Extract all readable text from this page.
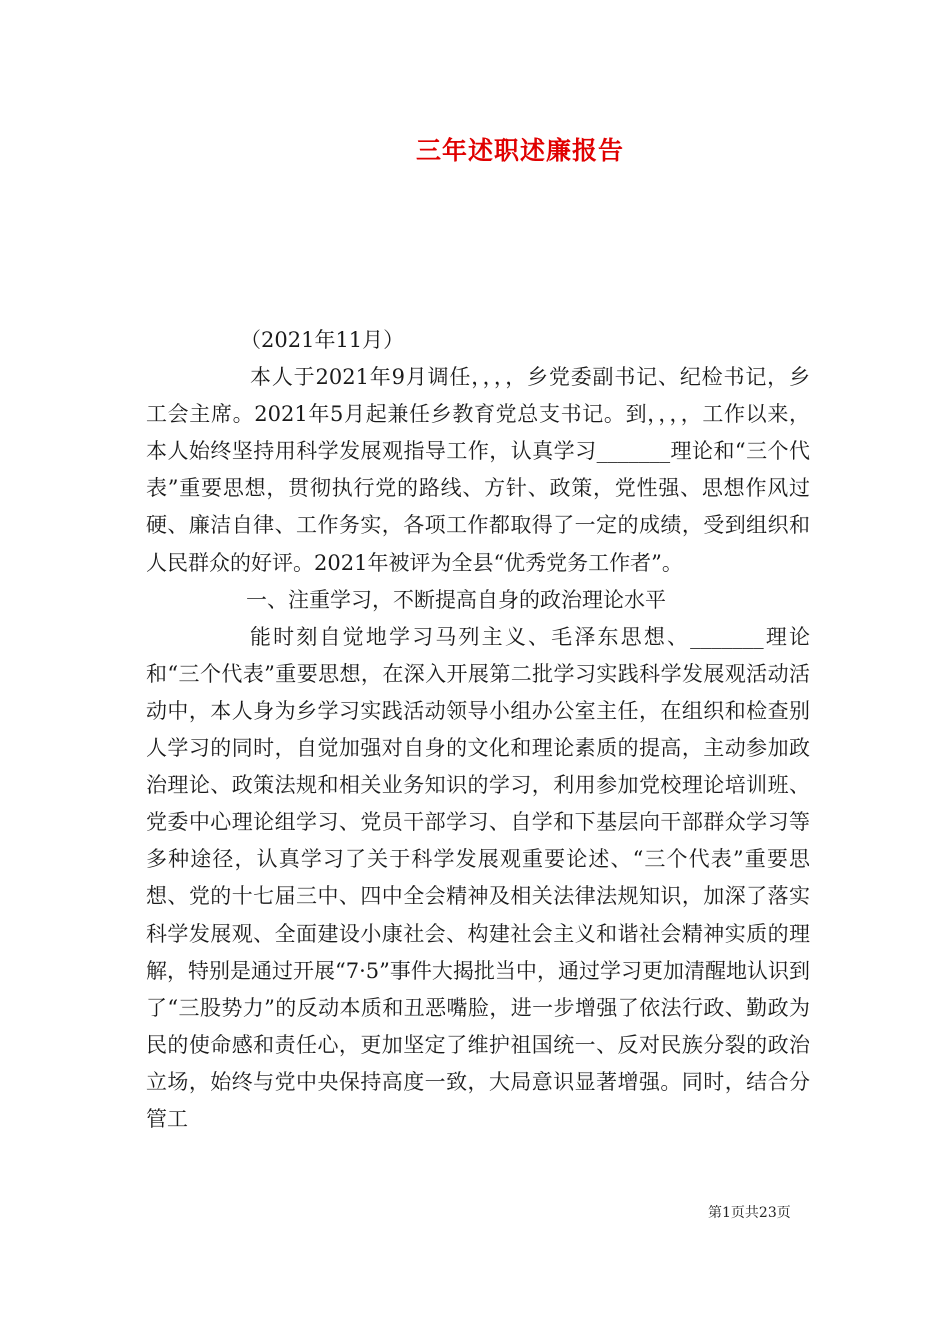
三年述职述廉报告

（2021年11月）

本人于2021年9月调任，，，，乡党委副书记、纪检书记，乡工会主席。2021年5月起兼任乡教育党总支书记。到，，，，工作以来，本人始终坚持用科学发展观指导工作，认真学习_______理论和“三个代表”重要思想，贯彻执行党的路线、方针、政策，党性强、思想作风过硬、廉洁自律、工作务实，各项工作都取得了一定的成绩，受到组织和人民群众的好评。2021年被评为全县“优秀党务工作者”。

一、注重学习，不断提高自身的政治理论水平

能时刻自觉地学习马列主义、毛泽东思想、_______理论和“三个代表”重要思想，在深入开展第二批学习实践科学发展观活动活动中，本人身为乡学习实践活动领导小组办公室主任，在组织和检查别人学习的同时，自觉加强对自身的文化和理论素质的提高，主动参加政治理论、政策法规和相关业务知识的学习，利用参加党校理论培训班、党委中心理论组学习、党员干部学习、自学和下基层向干部群众学习等多种途径，认真学习了关于科学发展观重要论述、“三个代表”重要思想、党的十七届三中、四中全会精神及相关法律法规知识，加深了落实科学发展观、全面建设小康社会、构建社会主义和谐社会精神实质的理解，特别是通过开展“7·5”事件大揭批当中，通过学习更加清醒地认识到了“三股势力”的反动本质和丑恶嘴脸，进一步增强了依法行政、勤政为民的使命感和责任心，更加坚定了维护祖国统一、反对民族分裂的政治立场，始终与党中央保持高度一致，大局意识显著增强。同时，结合分管工

第1页共23页
